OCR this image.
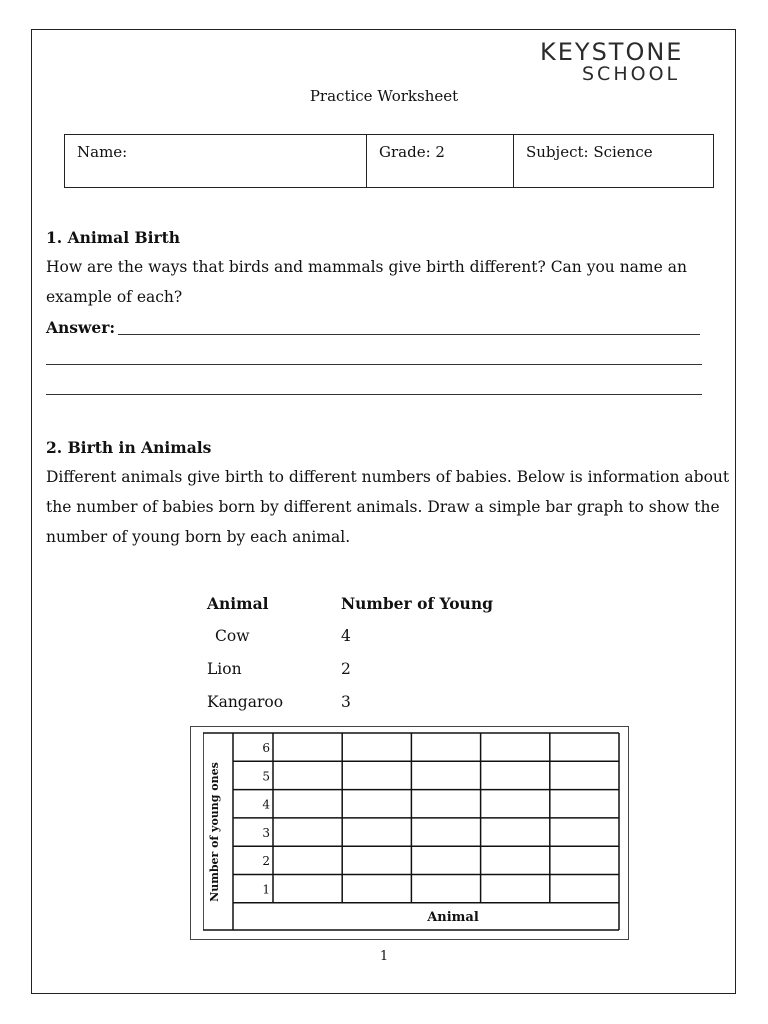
KEYSTONE
SCHOOL
Practice Worksheet
Name:	Grade: 2	Subject: Science
1. Animal Birth
How are the ways that birds and mammals give birth different? Can you name an
example of each?
Answer:
2. Birth in Animals
Different animals give birth to different numbers of babies. Below is information about
the number of babies born by different animals. Draw a simple bar graph to show the
number of young born by each animal.
Animal	Number of Young
Cow	4
Lion	2
Kangaroo	3
6
5
4
3
2
1
Number of young ones
Animal
1
